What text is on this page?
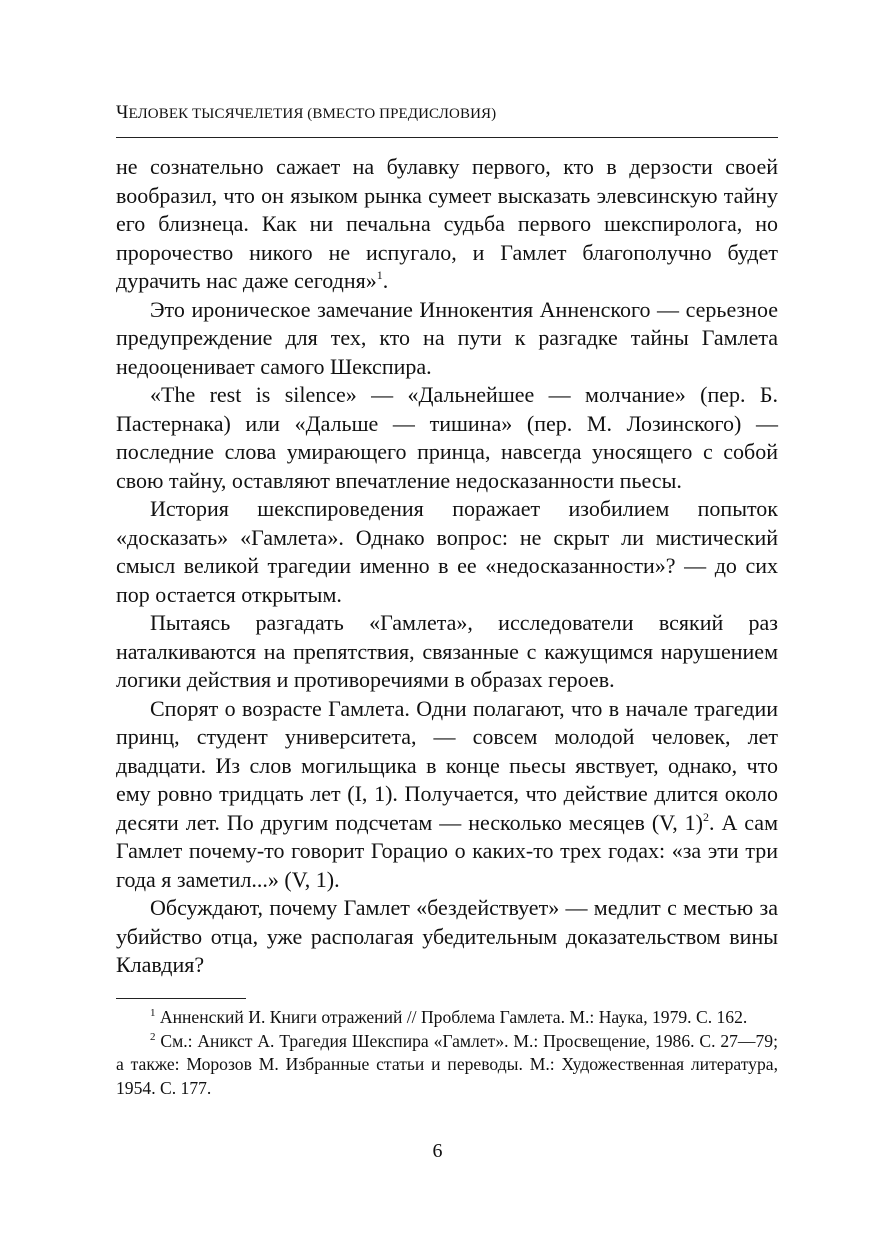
ЧЕЛОВЕК ТЫСЯЧЕЛЕТИЯ (ВМЕСТО ПРЕДИСЛОВИЯ)

не сознательно сажает на булавку первого, кто в дерзости своей вообразил, что он языком рынка сумеет высказать элевсинскую тайну его близнеца. Как ни печальна судьба первого шекспиролога, но пророчество никого не испугало, и Гамлет благополучно будет дурачить нас даже сегодня»$^1$.

Это ироническое замечание Иннокентия Анненского — серьезное предупреждение для тех, кто на пути к разгадке тайны Гамлета недооценивает самого Шекспира.

«The rest is silence» — «Дальнейшее — молчание» (пер. Б. Пастернака) или «Дальше — тишина» (пер. М. Лозинского) — последние слова умирающего принца, навсегда уносящего с собой свою тайну, оставляют впечатление недосказанности пьесы.

История шекспироведения поражает изобилием попыток «досказать» «Гамлета». Однако вопрос: не скрыт ли мистический смысл великой трагедии именно в ее «недосказанности»? — до сих пор остается открытым.

Пытаясь разгадать «Гамлета», исследователи всякий раз наталкиваются на препятствия, связанные с кажущимся нарушением логики действия и противоречиями в образах героев.

Спорят о возрасте Гамлета. Одни полагают, что в начале трагедии принц, студент университета, — совсем молодой человек, лет двадцати. Из слов могильщика в конце пьесы явствует, однако, что ему ровно тридцать лет (I, 1). Получается, что действие длится около десяти лет. По другим подсчетам — несколько месяцев (V, 1)$^2$. А сам Гамлет почему-то говорит Горацио о каких-то трех годах: «за эти три года я заметил...» (V, 1).

Обсуждают, почему Гамлет «бездействует» — медлит с местью за убийство отца, уже располагая убедительным доказательством вины Клавдия?

$^1$ Анненский И. Книги отражений // Проблема Гамлета. М.: Наука, 1979. С. 162.

$^2$ См.: Аникст А. Трагедия Шекспира «Гамлет». М.: Просвещение, 1986. С. 27—79; а также: Морозов М. Избранные статьи и переводы. М.: Художественная литература, 1954. С. 177.

6
